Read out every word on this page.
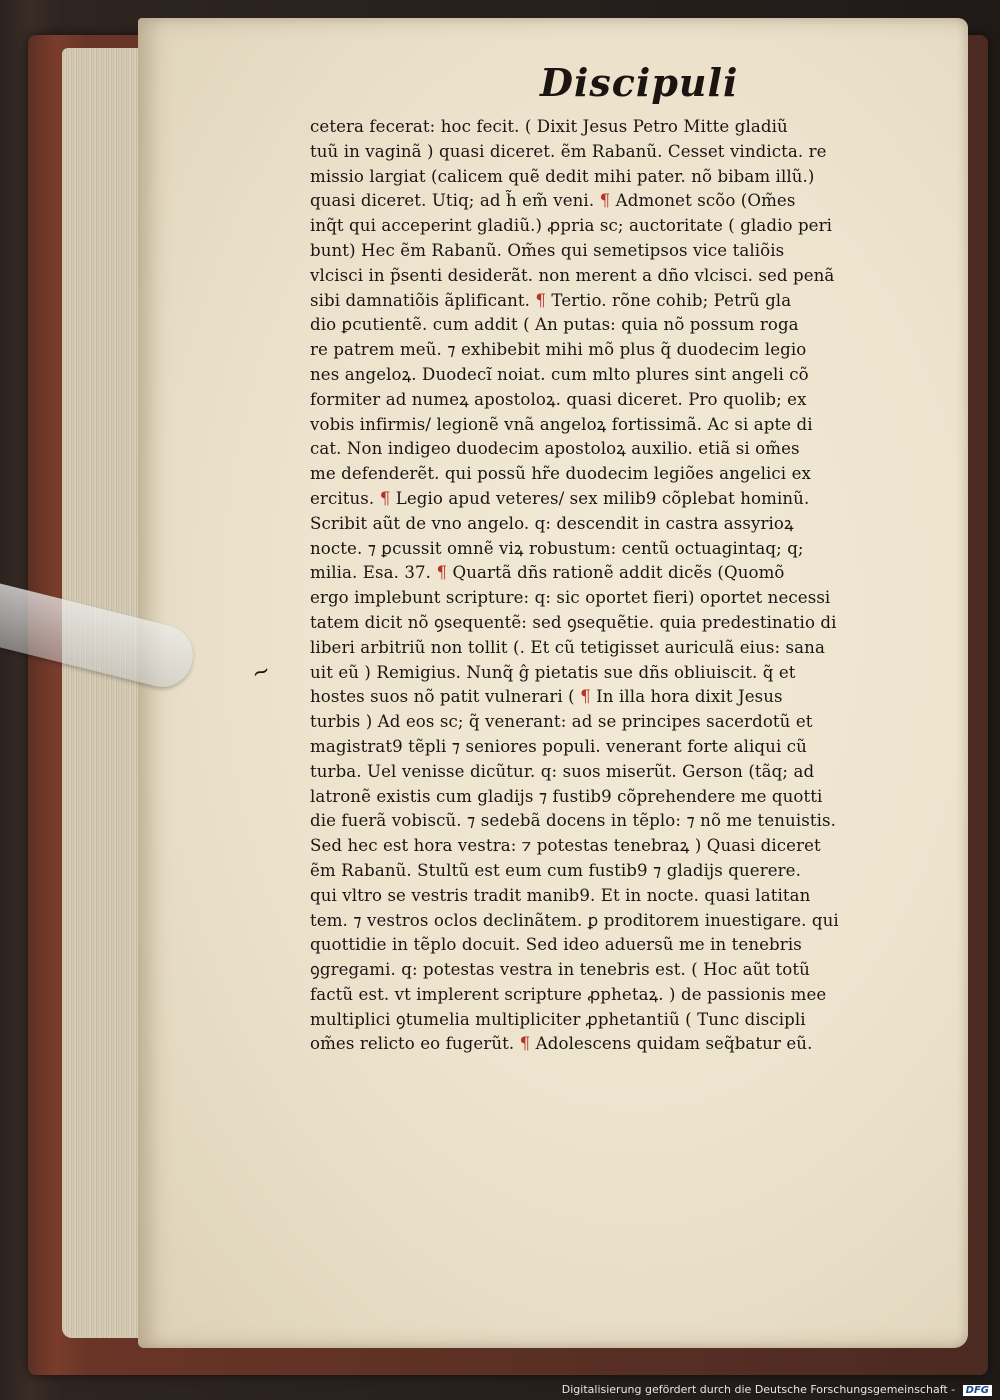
Discipuli
cetera fecerat: hoc fecit. ( Dixit Jesus Petro Mitte gladiũ
tuũ in vaginã ) quasi diceret. ẽm Rabanũ. Cesset vindicta. re
missio largiat (calicem quẽ dedit mihi pater. nõ bibam illũ.)
quasi diceret. Utiq; ad h̃ em̃ veni. ¶ Admonet scõo (Om̃es
inq̃t qui acceperint gladiũ.) ꝓpria sc; auctoritate ( gladio peri
bunt) Hec ẽm Rabanũ. Om̃es qui semetipsos vice taliõis
vlcisci in p̃senti desiderãt. non merent a dño vlcisci. sed penã
sibi damnatiõis ãplificant. ¶ Tertio. rõne cohib; Petrũ gla
dio ꝑcutientẽ. cum addit ( An putas: quia nõ possum roga
re patrem meũ. ⁊ exhibebit mihi mõ plus q̃ duodecim legio
nes angeloꝝ. Duodecĩ noiat. cum mlto plures sint angeli cõ
formiter ad numeꝝ apostoloꝝ. quasi diceret. Pro quolib; ex
vobis infirmis/ legionẽ vnã angeloꝝ fortissimã. Ac si apte di
cat. Non indigeo duodecim apostoloꝝ auxilio. etiã si om̃es
me defenderẽt. qui possũ hr̃e duodecim legiões angelici ex
ercitus. ¶ Legio apud veteres/ sex milib9 cõplebat hominũ.
Scribit aũt de vno angelo. q: descendit in castra assyrioꝝ
nocte. ⁊ ꝑcussit omnẽ viꝝ robustum: centũ octuagintaq; q;
milia. Esa. 37. ¶ Quartã dñs rationẽ addit dicẽs (Quomõ
ergo implebunt scripture: q: sic oportet fieri) oportet necessi
tatem dicit nõ ꝯsequentẽ: sed ꝯsequẽtie. quia predestinatio di
liberi arbitriũ non tollit (. Et cũ tetigisset auriculã eius: sana
uit eũ ) Remigius. Nunq̃ ĝ pietatis sue dñs obliuiscit. q̃ et
hostes suos nõ patit vulnerari ( ¶ In illa hora dixit Jesus
turbis ) Ad eos sc; q̃ venerant: ad se principes sacerdotũ et
magistrat9 tẽpli ⁊ seniores populi. venerant forte aliqui cũ
turba. Uel venisse dicũtur. q: suos miserũt. Gerson (tãq; ad
latronẽ existis cum gladijs ⁊ fustib9 cõprehendere me quotti
die fuerã vobiscũ. ⁊ sedebã docens in tẽplo: ⁊ nõ me tenuistis.
Sed hec est hora vestra: ⁊ potestas tenebraꝝ ) Quasi diceret
ẽm Rabanũ. Stultũ est eum cum fustib9 ⁊ gladijs querere.
qui vltro se vestris tradit manib9. Et in nocte. quasi latitan
tem. ⁊ vestros oclos declinãtem. ꝑ proditorem inuestigare. qui
quottidie in tẽplo docuit. Sed ideo aduersũ me in tenebris
ꝯgregami. q: potestas vestra in tenebris est. ( Hoc aũt totũ
factũ est. vt implerent scripture ꝓphetaꝝ. ) de passionis mee
multiplici ꝯtumelia multipliciter ꝓphetantiũ ( Tunc discipli
om̃es relicto eo fugerũt. ¶ Adolescens quidam seq̃batur eũ.
~
Digitalisierung gefördert durch die Deutsche Forschungsgemeinschaft - DFG
